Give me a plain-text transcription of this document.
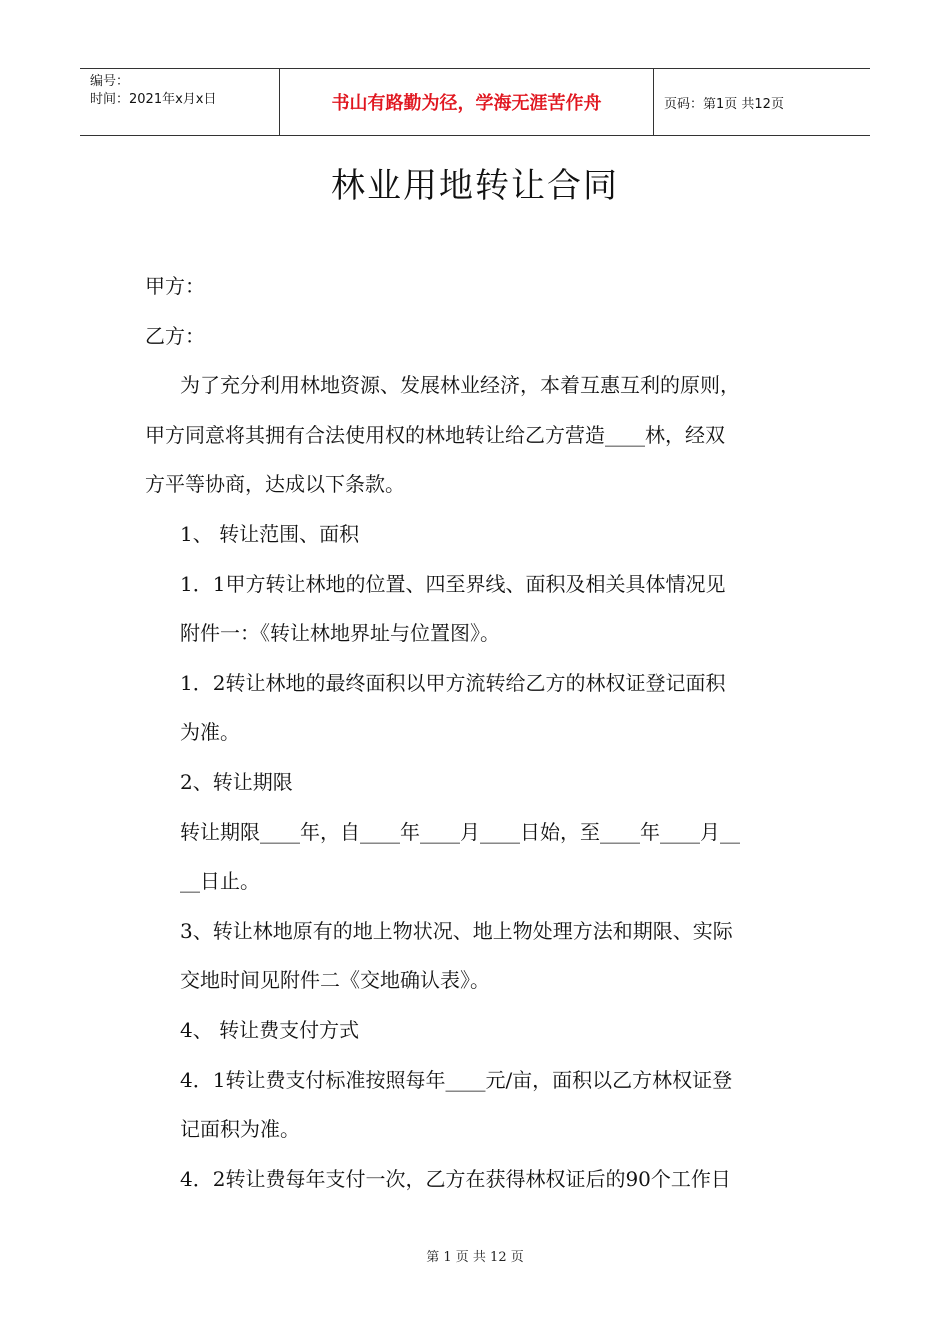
编号：
时间：2021年x月x日	书山有路勤为径，学海无涯苦作舟	页码：第1页 共12页
林业用地转让合同
甲方：
乙方：
为了充分利用林地资源、发展林业经济，本着互惠互利的原则，
甲方同意将其拥有合法使用权的林地转让给乙方营造____林，经双
方平等协商，达成以下条款。
1、 转让范围、面积
1．1甲方转让林地的位置、四至界线、面积及相关具体情况见
附件一：《转让林地界址与位置图》。
1．2转让林地的最终面积以甲方流转给乙方的林权证登记面积
为准。
2、转让期限
转让期限____年，自____年____月____日始，至____年____月__
__日止。
3、转让林地原有的地上物状况、地上物处理方法和期限、实际
交地时间见附件二《交地确认表》。
4、 转让费支付方式
4．1转让费支付标准按照每年____元/亩，面积以乙方林权证登
记面积为准。
4．2转让费每年支付一次，乙方在获得林权证后的90个工作日
第 1 页 共 12 页
